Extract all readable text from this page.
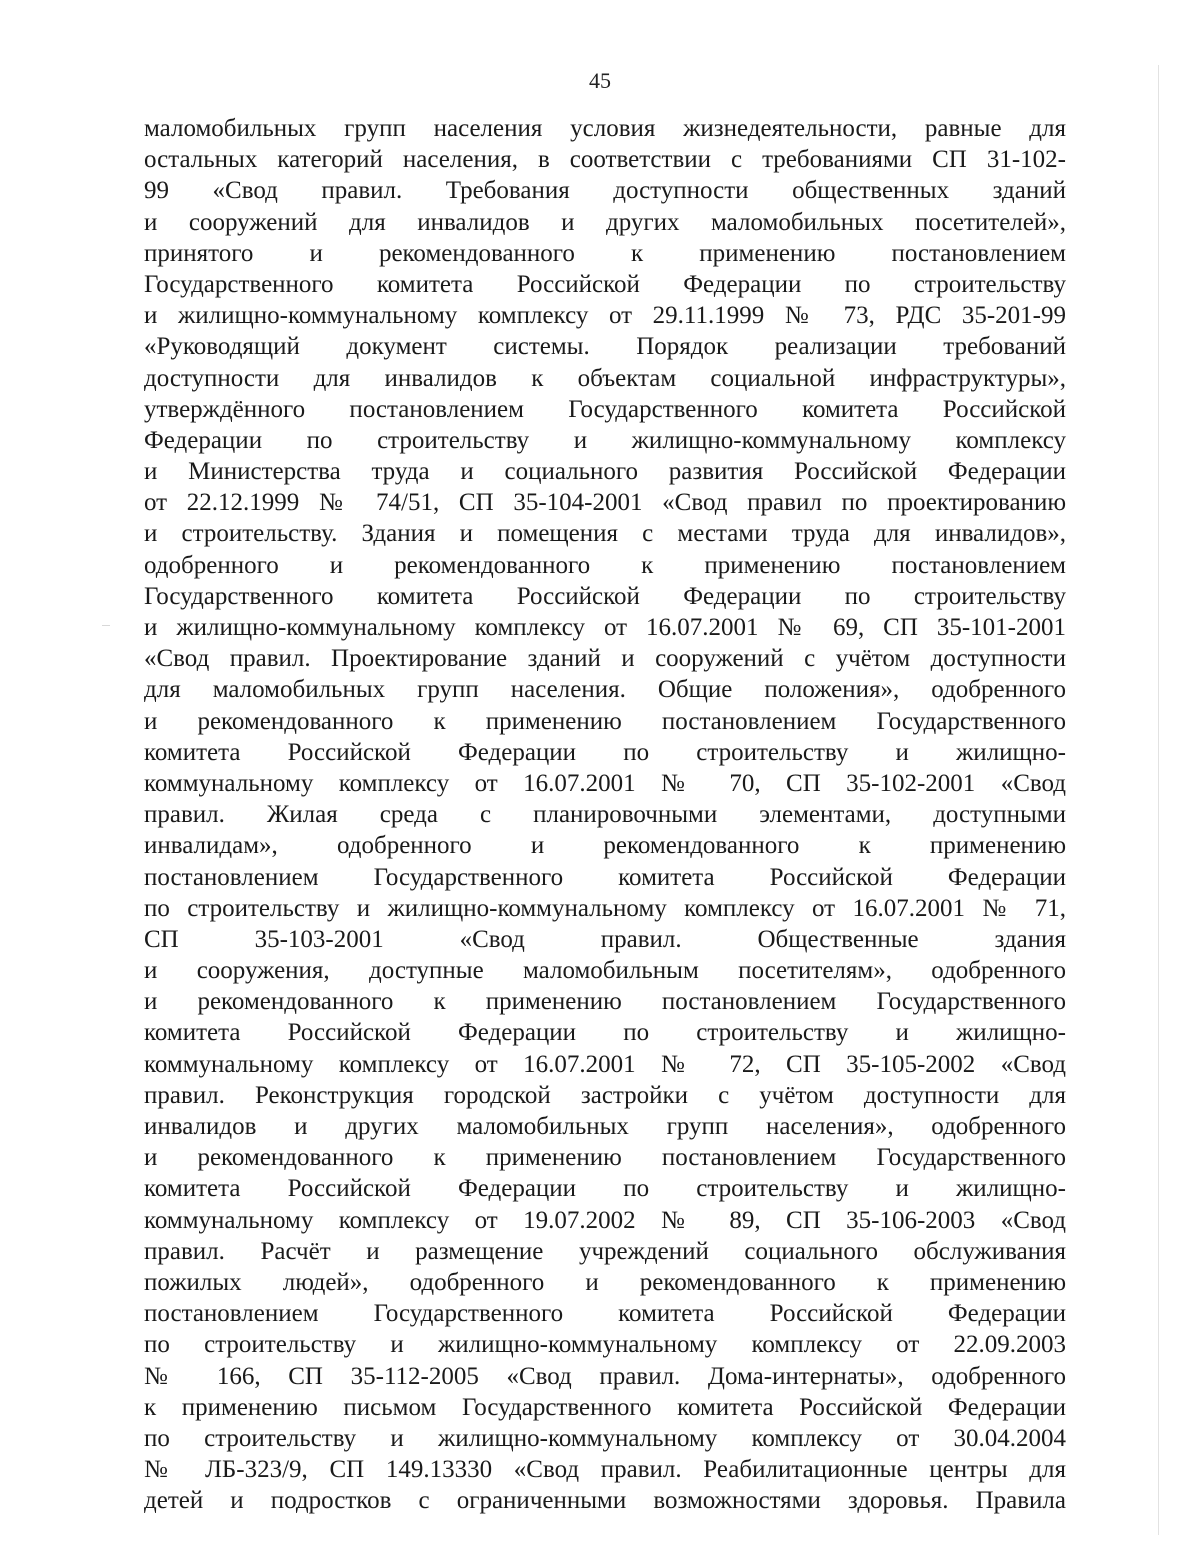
45
маломобильных групп населения условия жизнедеятельности, равные для
остальных категорий населения, в соответствии с требованиями СП 31-102-
99 «Свод правил. Требования доступности общественных зданий
и сооружений для инвалидов и других маломобильных посетителей»,
принятого и рекомендованного к применению постановлением
Государственного комитета Российской Федерации по строительству
и жилищно-коммунальному комплексу от 29.11.1999 № 73, РДС 35-201-99
«Руководящий документ системы. Порядок реализации требований
доступности для инвалидов к объектам социальной инфраструктуры»,
утверждённого постановлением Государственного комитета Российской
Федерации по строительству и жилищно-коммунальному комплексу
и Министерства труда и социального развития Российской Федерации
от 22.12.1999 № 74/51, СП 35-104-2001 «Свод правил по проектированию
и строительству. Здания и помещения с местами труда для инвалидов»,
одобренного и рекомендованного к применению постановлением
Государственного комитета Российской Федерации по строительству
и жилищно-коммунальному комплексу от 16.07.2001 № 69, СП 35-101-2001
«Свод правил. Проектирование зданий и сооружений с учётом доступности
для маломобильных групп населения. Общие положения», одобренного
и рекомендованного к применению постановлением Государственного
комитета Российской Федерации по строительству и жилищно-
коммунальному комплексу от 16.07.2001 № 70, СП 35-102-2001 «Свод
правил. Жилая среда с планировочными элементами, доступными
инвалидам», одобренного и рекомендованного к применению
постановлением Государственного комитета Российской Федерации
по строительству и жилищно-коммунальному комплексу от 16.07.2001 № 71,
СП 35-103-2001 «Свод правил. Общественные здания
и сооружения, доступные маломобильным посетителям», одобренного
и рекомендованного к применению постановлением Государственного
комитета Российской Федерации по строительству и жилищно-
коммунальному комплексу от 16.07.2001 № 72, СП 35-105-2002 «Свод
правил. Реконструкция городской застройки с учётом доступности для
инвалидов и других маломобильных групп населения», одобренного
и рекомендованного к применению постановлением Государственного
комитета Российской Федерации по строительству и жилищно-
коммунальному комплексу от 19.07.2002 № 89, СП 35-106-2003 «Свод
правил. Расчёт и размещение учреждений социального обслуживания
пожилых людей», одобренного и рекомендованного к применению
постановлением Государственного комитета Российской Федерации
по строительству и жилищно-коммунальному комплексу от 22.09.2003
№ 166, СП 35-112-2005 «Свод правил. Дома-интернаты», одобренного
к применению письмом Государственного комитета Российской Федерации
по строительству и жилищно-коммунальному комплексу от 30.04.2004
№ ЛБ-323/9, СП 149.13330 «Свод правил. Реабилитационные центры для
детей и подростков с ограниченными возможностями здоровья. Правила
